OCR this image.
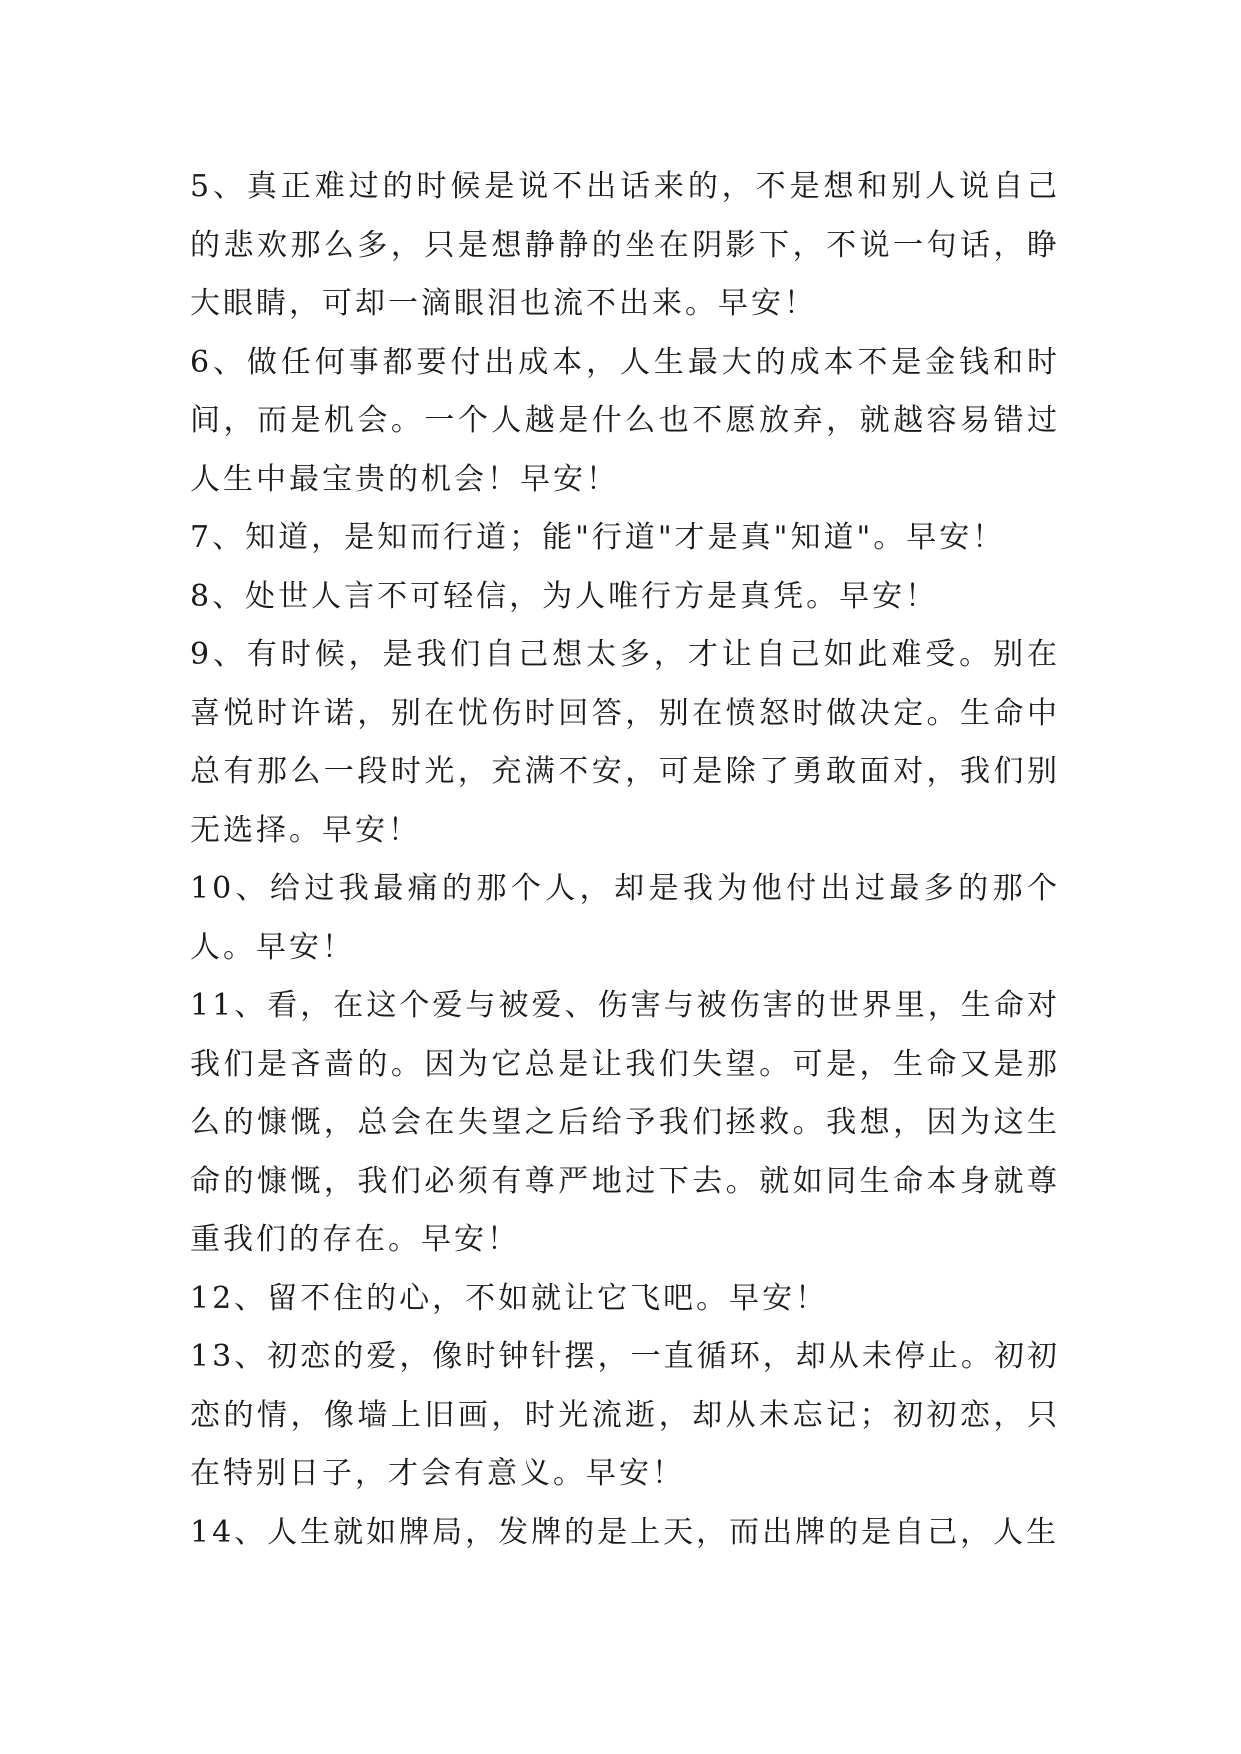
5、真正难过的时候是说不出话来的，不是想和别人说自己的悲欢那么多，只是想静静的坐在阴影下，不说一句话，睁大眼睛，可却一滴眼泪也流不出来。早安！

6、做任何事都要付出成本，人生最大的成本不是金钱和时间，而是机会。一个人越是什么也不愿放弃，就越容易错过人生中最宝贵的机会！早安！

7、知道，是知而行道；能"行道"才是真"知道"。早安！

8、处世人言不可轻信，为人唯行方是真凭。早安！

9、有时候，是我们自己想太多，才让自己如此难受。别在喜悦时许诺，别在忧伤时回答，别在愤怒时做决定。生命中总有那么一段时光，充满不安，可是除了勇敢面对，我们别无选择。早安！

10、给过我最痛的那个人，却是我为他付出过最多的那个人。早安！

11、看，在这个爱与被爱、伤害与被伤害的世界里，生命对我们是吝啬的。因为它总是让我们失望。可是，生命又是那么的慷慨，总会在失望之后给予我们拯救。我想，因为这生命的慷慨，我们必须有尊严地过下去。就如同生命本身就尊重我们的存在。早安！

12、留不住的心，不如就让它飞吧。早安！

13、初恋的爱，像时钟针摆，一直循环，却从未停止。初初恋的情，像墙上旧画，时光流逝，却从未忘记；初初恋，只在特别日子，才会有意义。早安！

14、人生就如牌局，发牌的是上天，而出牌的是自己，人生
